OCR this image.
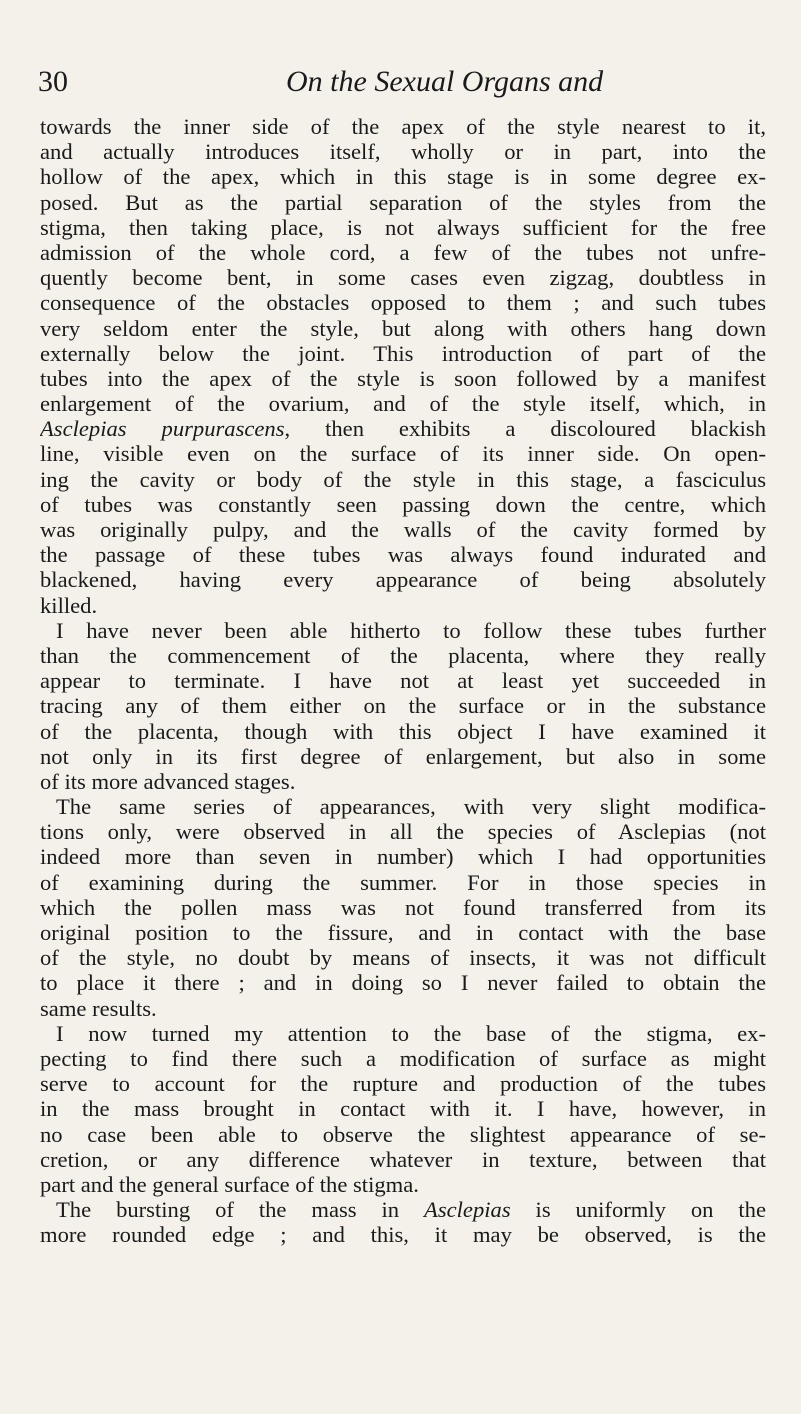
30	On the Sexual Organs and
towards the inner side of the apex of the style nearest to it,
and actually introduces itself, wholly or in part, into the
hollow of the apex, which in this stage is in some degree ex-
posed. But as the partial separation of the styles from the
stigma, then taking place, is not always sufficient for the free
admission of the whole cord, a few of the tubes not unfre-
quently become bent, in some cases even zigzag, doubtless in
consequence of the obstacles opposed to them ; and such tubes
very seldom enter the style, but along with others hang down
externally below the joint. This introduction of part of the
tubes into the apex of the style is soon followed by a manifest
enlargement of the ovarium, and of the style itself, which, in
Asclepias purpurascens, then exhibits a discoloured blackish
line, visible even on the surface of its inner side. On open-
ing the cavity or body of the style in this stage, a fasciculus
of tubes was constantly seen passing down the centre, which
was originally pulpy, and the walls of the cavity formed by
the passage of these tubes was always found indurated and
blackened, having every appearance of being absolutely
killed.
I have never been able hitherto to follow these tubes further
than the commencement of the placenta, where they really
appear to terminate. I have not at least yet succeeded in
tracing any of them either on the surface or in the substance
of the placenta, though with this object I have examined it
not only in its first degree of enlargement, but also in some
of its more advanced stages.
The same series of appearances, with very slight modifica-
tions only, were observed in all the species of Asclepias (not
indeed more than seven in number) which I had opportunities
of examining during the summer. For in those species in
which the pollen mass was not found transferred from its
original position to the fissure, and in contact with the base
of the style, no doubt by means of insects, it was not difficult
to place it there ; and in doing so I never failed to obtain the
same results.
I now turned my attention to the base of the stigma, ex-
pecting to find there such a modification of surface as might
serve to account for the rupture and production of the tubes
in the mass brought in contact with it. I have, however, in
no case been able to observe the slightest appearance of se-
cretion, or any difference whatever in texture, between that
part and the general surface of the stigma.
The bursting of the mass in Asclepias is uniformly on the
more rounded edge ; and this, it may be observed, is the
